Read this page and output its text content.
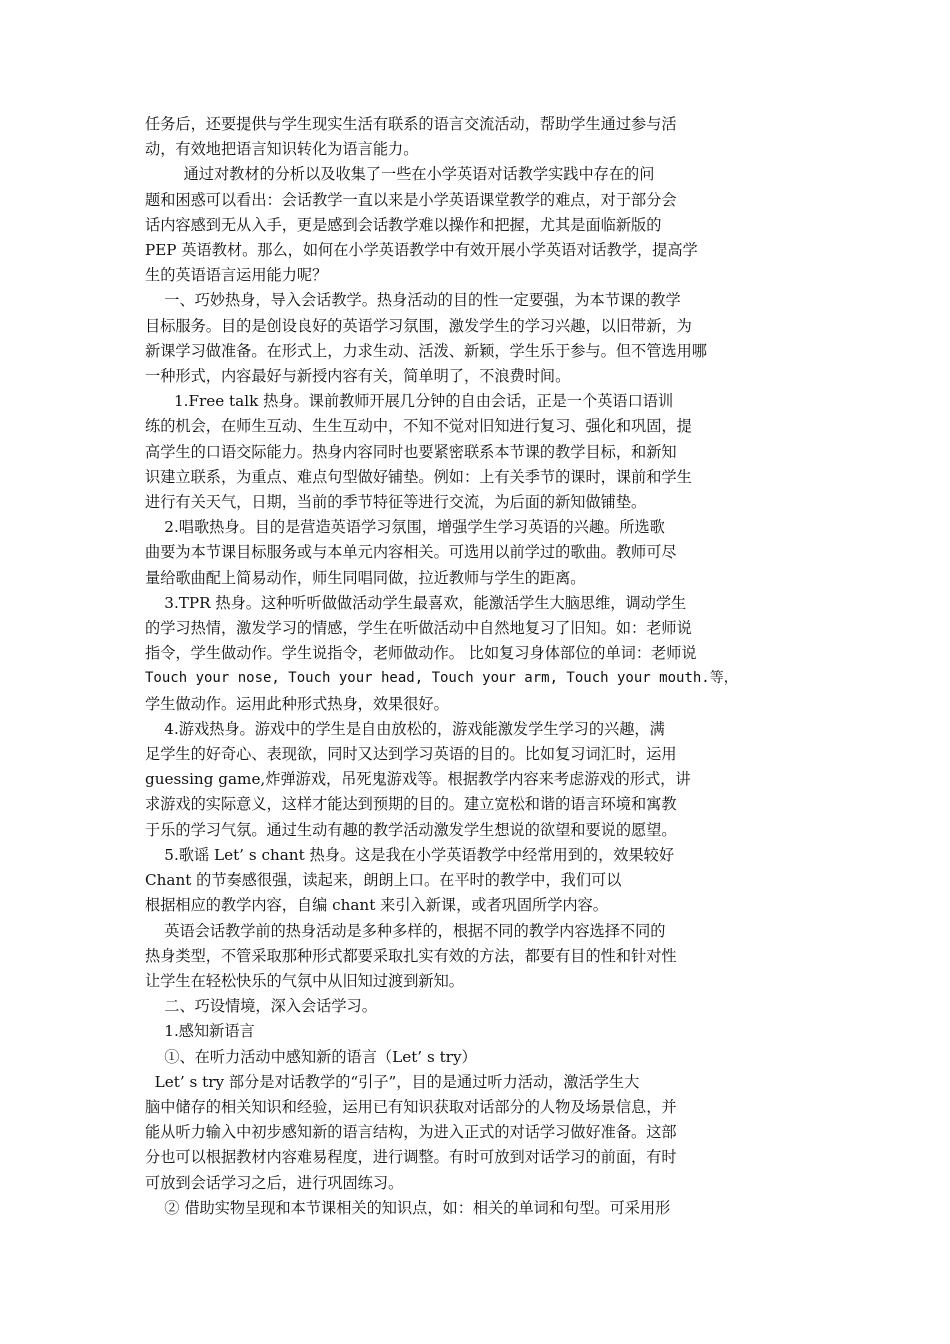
任务后，还要提供与学生现实生活有联系的语言交流活动，帮助学生通过参与活

动，有效地把语言知识转化为语言能力。

通过对教材的分析以及收集了一些在小学英语对话教学实践中存在的问

题和困惑可以看出：会话教学一直以来是小学英语课堂教学的难点，对于部分会

话内容感到无从入手，更是感到会话教学难以操作和把握，尤其是面临新版的

PEP 英语教材。那么，如何在小学英语教学中有效开展小学英语对话教学，提高学

生的英语语言运用能力呢？

一、巧妙热身，导入会话教学。热身活动的目的性一定要强，为本节课的教学

目标服务。目的是创设良好的英语学习氛围，激发学生的学习兴趣，以旧带新，为

新课学习做准备。在形式上，力求生动、活泼、新颖，学生乐于参与。但不管选用哪

一种形式，内容最好与新授内容有关，简单明了，不浪费时间。

1.Free talk 热身。课前教师开展几分钟的自由会话，正是一个英语口语训

练的机会，在师生互动、生生互动中，不知不觉对旧知进行复习、强化和巩固，提

高学生的口语交际能力。热身内容同时也要紧密联系本节课的教学目标，和新知

识建立联系，为重点、难点句型做好铺垫。例如：上有关季节的课时，课前和学生

进行有关天气，日期，当前的季节特征等进行交流，为后面的新知做铺垫。

2.唱歌热身。目的是营造英语学习氛围，增强学生学习英语的兴趣。所选歌

曲要为本节课目标服务或与本单元内容相关。可选用以前学过的歌曲。教师可尽

量给歌曲配上简易动作，师生同唱同做，拉近教师与学生的距离。

3.TPR 热身。这种听听做做活动学生最喜欢，能激活学生大脑思维，调动学生

的学习热情，激发学习的情感，学生在听做活动中自然地复习了旧知。如：老师说

指令，学生做动作。学生说指令，老师做动作。 比如复习身体部位的单词：老师说

Touch your nose, Touch your head, Touch your arm, Touch your mouth.等，

学生做动作。运用此种形式热身，效果很好。

4.游戏热身。游戏中的学生是自由放松的，游戏能激发学生学习的兴趣，满

足学生的好奇心、表现欲，同时又达到学习英语的目的。比如复习词汇时，运用

guessing game,炸弹游戏，吊死鬼游戏等。根据教学内容来考虑游戏的形式，讲

求游戏的实际意义，这样才能达到预期的目的。建立宽松和谐的语言环境和寓教

于乐的学习气氛。通过生动有趣的教学活动激发学生想说的欲望和要说的愿望。

5.歌谣 Let’ s chant 热身。这是我在小学英语教学中经常用到的，效果较好

Chant 的节奏感很强，读起来，朗朗上口。在平时的教学中，我们可以

根据相应的教学内容，自编 chant 来引入新课，或者巩固所学内容。

英语会话教学前的热身活动是多种多样的，根据不同的教学内容选择不同的

热身类型，不管采取那种形式都要采取扎实有效的方法，都要有目的性和针对性

让学生在轻松快乐的气氛中从旧知过渡到新知。

二、巧设情境，深入会话学习。

1.感知新语言

①、在听力活动中感知新的语言（Let’ s try）

Let’ s try 部分是对话教学的“引子”，目的是通过听力活动，激活学生大

脑中储存的相关知识和经验，运用已有知识获取对话部分的人物及场景信息，并

能从听力输入中初步感知新的语言结构，为进入正式的对话学习做好准备。这部

分也可以根据教材内容难易程度，进行调整。有时可放到对话学习的前面，有时

可放到会话学习之后，进行巩固练习。

② 借助实物呈现和本节课相关的知识点，如：相关的单词和句型。可采用形
